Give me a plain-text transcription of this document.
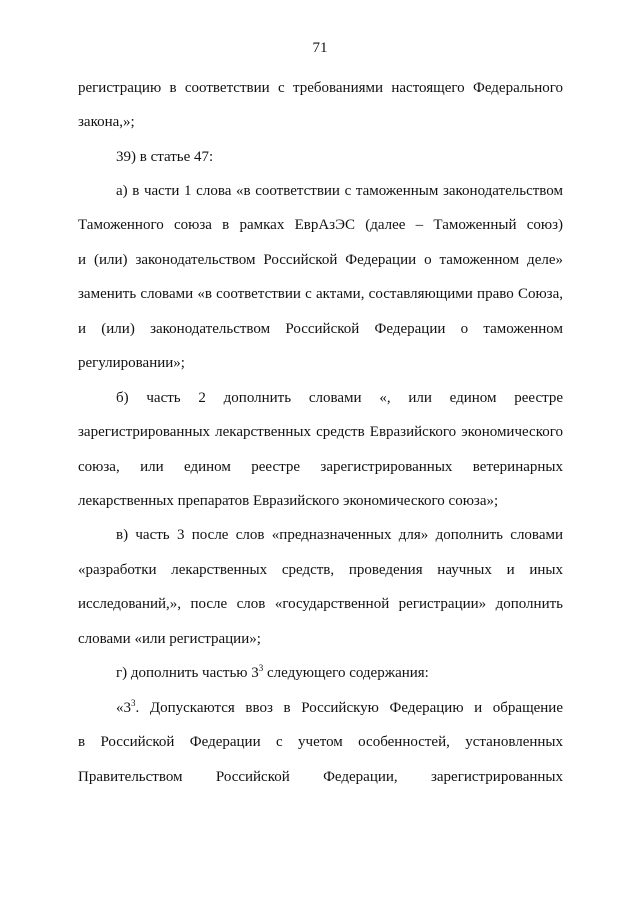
71
регистрацию в соответствии с требованиями настоящего Федерального
закона,»;
39) в статье 47:
а) в части 1 слова «в соответствии с таможенным законодательством
Таможенного союза в рамках ЕврАзЭС (далее – Таможенный союз)
и (или) законодательством Российской Федерации о таможенном деле»
заменить словами «в соответствии с актами, составляющими право Союза,
и (или) законодательством Российской Федерации о таможенном
регулировании»;
б) часть 2 дополнить словами «, или едином реестре
зарегистрированных лекарственных средств Евразийского экономического
союза, или едином реестре зарегистрированных ветеринарных
лекарственных препаратов Евразийского экономического союза»;
в) часть 3 после слов «предназначенных для» дополнить словами
«разработки лекарственных средств, проведения научных и иных
исследований,», после слов «государственной регистрации» дополнить
словами «или регистрации»;
г) дополнить частью $3^3$ следующего содержания:
«$3^3$. Допускаются ввоз в Российскую Федерацию и обращение
в Российской Федерации с учетом особенностей, установленных
Правительством Российской Федерации, зарегистрированных
